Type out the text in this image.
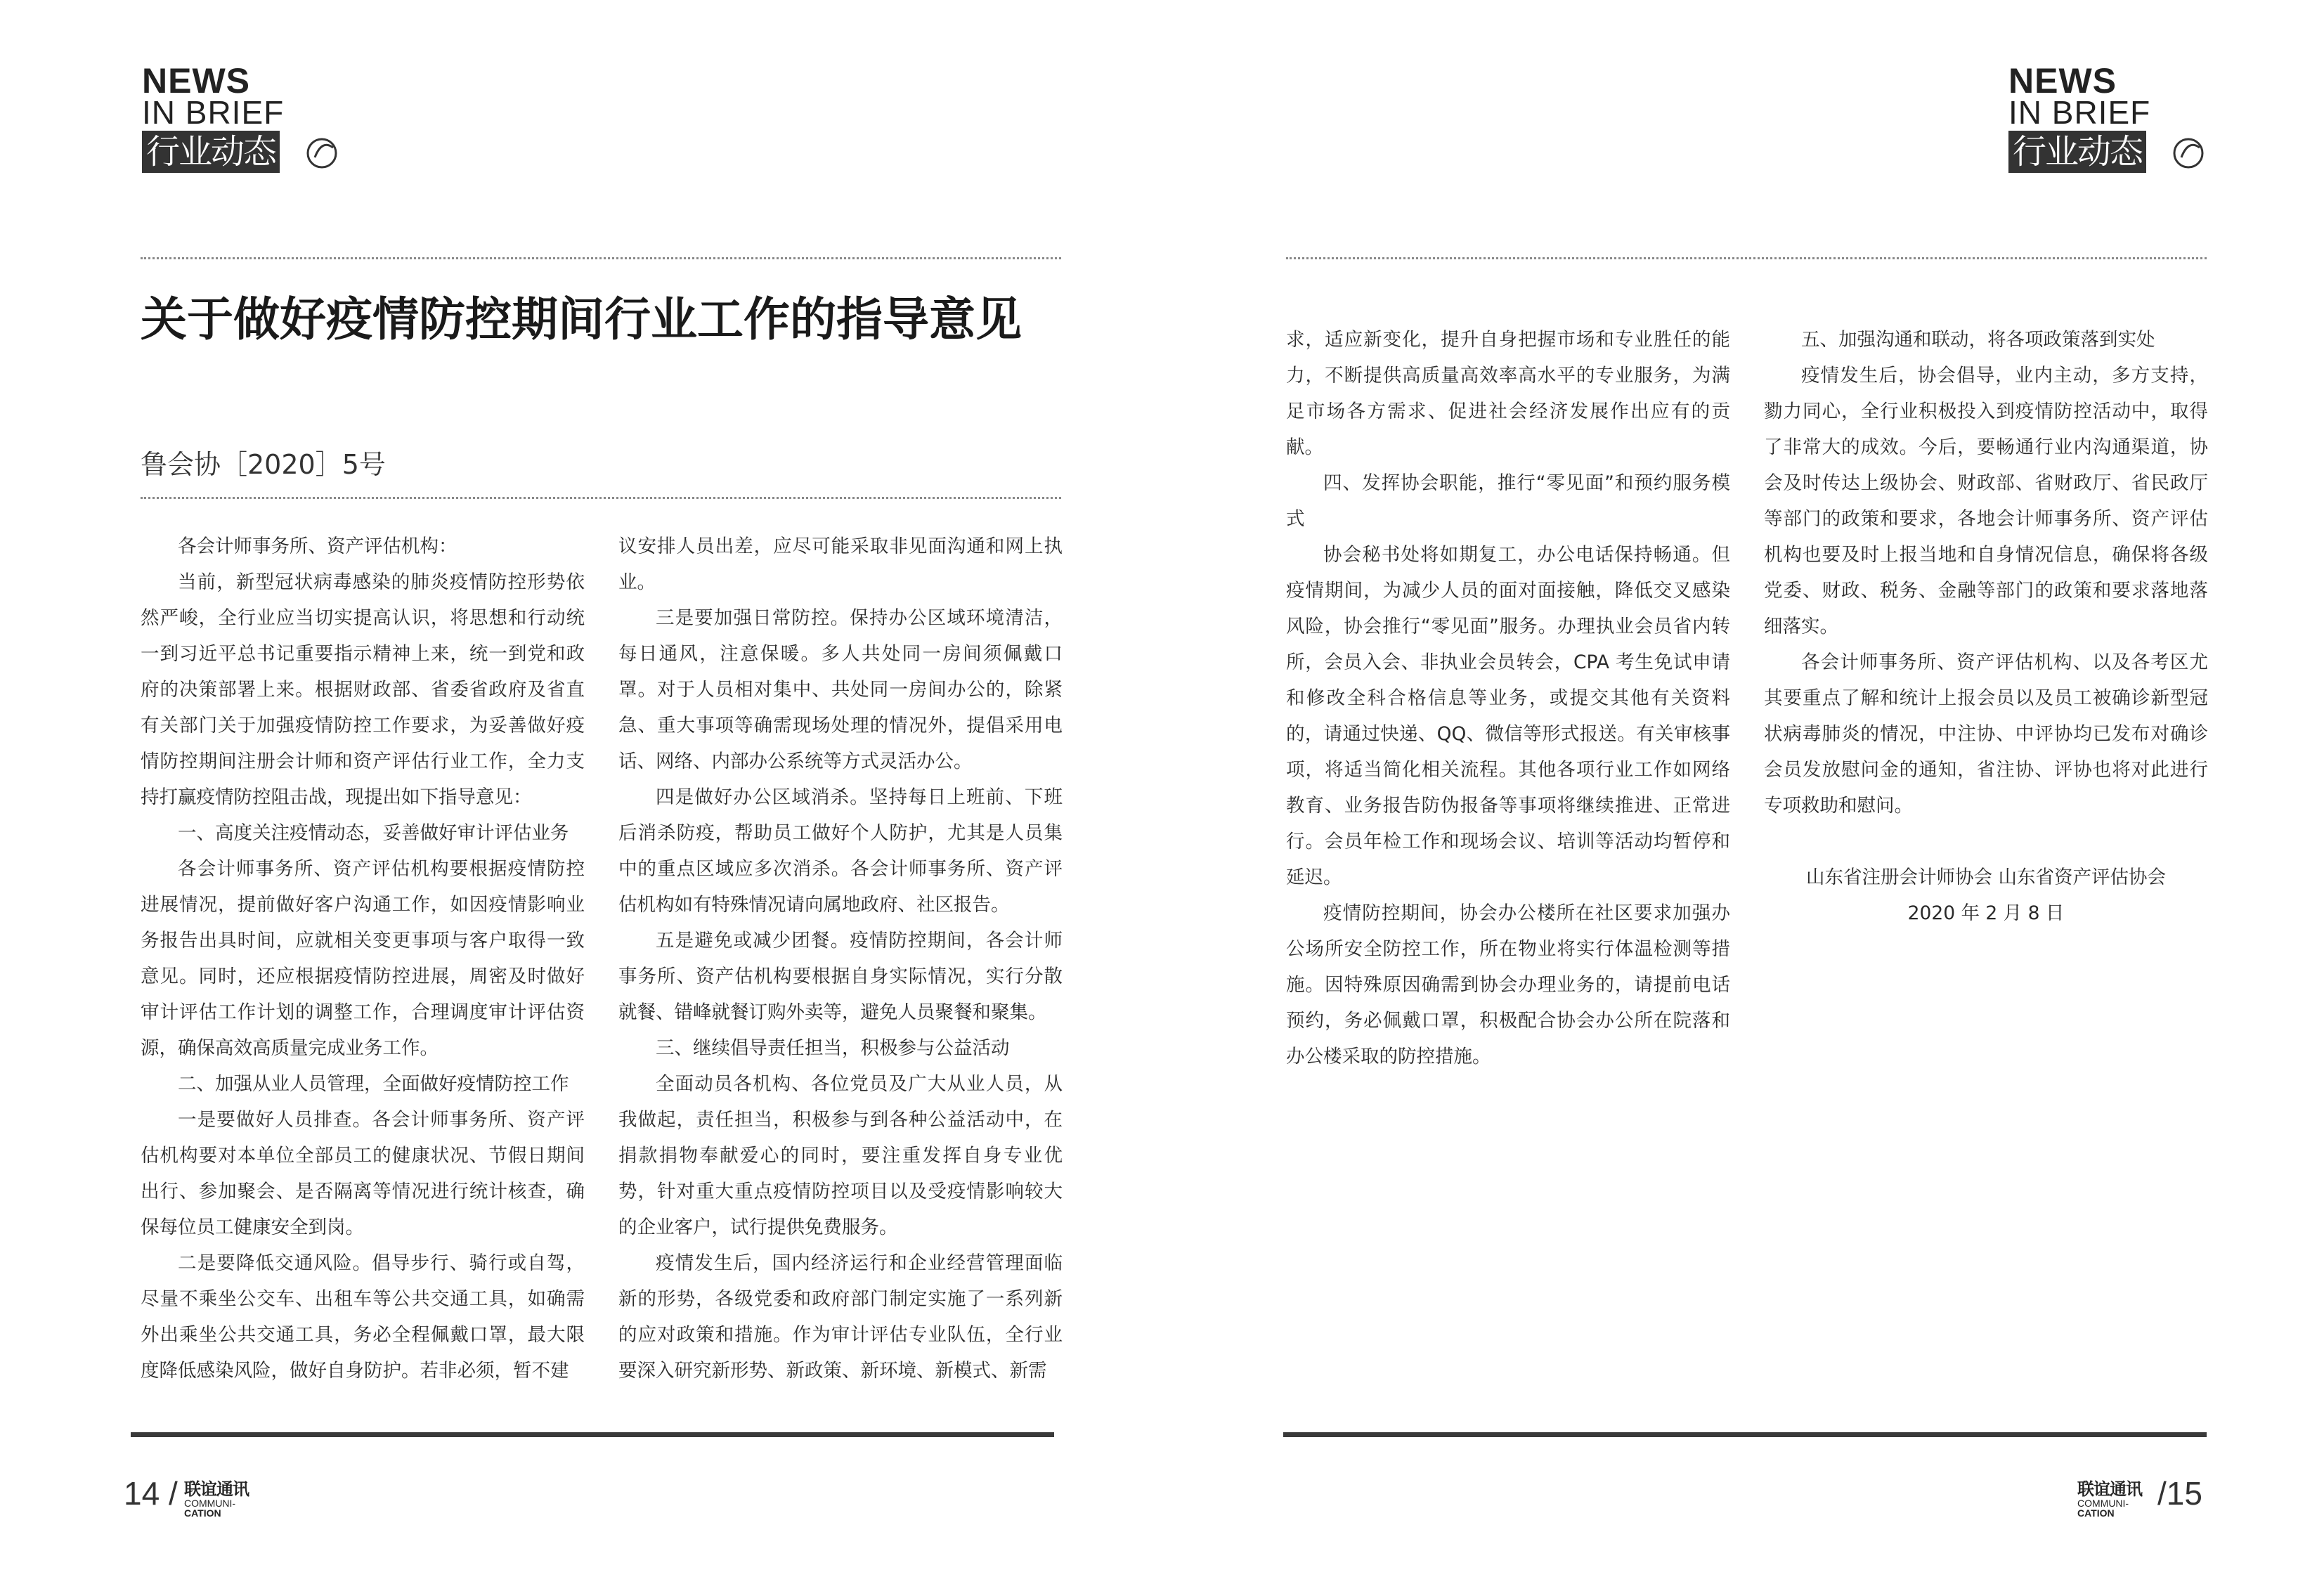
NEWS
IN BRIEF
行业动态
NEWS
IN BRIEF
行业动态
关于做好疫情防控期间行业工作的指导意见
鲁会协［2020］5号

各会计师事务所、资产评估机构：

当前，新型冠状病毒感染的肺炎疫情防控形势依然严峻，全行业应当切实提高认识，将思想和行动统一到习近平总书记重要指示精神上来，统一到党和政府的决策部署上来。根据财政部、省委省政府及省直有关部门关于加强疫情防控工作要求，为妥善做好疫情防控期间注册会计师和资产评估行业工作，全力支持打赢疫情防控阻击战，现提出如下指导意见：

一、高度关注疫情动态，妥善做好审计评估业务

各会计师事务所、资产评估机构要根据疫情防控进展情况，提前做好客户沟通工作，如因疫情影响业务报告出具时间，应就相关变更事项与客户取得一致意见。同时，还应根据疫情防控进展，周密及时做好审计评估工作计划的调整工作，合理调度审计评估资源，确保高效高质量完成业务工作。

二、加强从业人员管理，全面做好疫情防控工作

一是要做好人员排查。各会计师事务所、资产评估机构要对本单位全部员工的健康状况、节假日期间出行、参加聚会、是否隔离等情况进行统计核查，确保每位员工健康安全到岗。

二是要降低交通风险。倡导步行、骑行或自驾，尽量不乘坐公交车、出租车等公共交通工具，如确需外出乘坐公共交通工具，务必全程佩戴口罩，最大限度降低感染风险，做好自身防护。若非必须，暂不建

议安排人员出差，应尽可能采取非见面沟通和网上执业。

三是要加强日常防控。保持办公区域环境清洁，每日通风，注意保暖。多人共处同一房间须佩戴口罩。对于人员相对集中、共处同一房间办公的，除紧急、重大事项等确需现场处理的情况外，提倡采用电话、网络、内部办公系统等方式灵活办公。

四是做好办公区域消杀。坚持每日上班前、下班后消杀防疫，帮助员工做好个人防护，尤其是人员集中的重点区域应多次消杀。各会计师事务所、资产评估机构如有特殊情况请向属地政府、社区报告。

五是避免或减少团餐。疫情防控期间，各会计师事务所、资产估机构要根据自身实际情况，实行分散就餐、错峰就餐订购外卖等，避免人员聚餐和聚集。

三、继续倡导责任担当，积极参与公益活动

全面动员各机构、各位党员及广大从业人员，从我做起，责任担当，积极参与到各种公益活动中，在捐款捐物奉献爱心的同时，要注重发挥自身专业优势，针对重大重点疫情防控项目以及受疫情影响较大的企业客户，试行提供免费服务。

疫情发生后，国内经济运行和企业经营管理面临新的形势，各级党委和政府部门制定实施了一系列新的应对政策和措施。作为审计评估专业队伍，全行业要深入研究新形势、新政策、新环境、新模式、新需

求，适应新变化，提升自身把握市场和专业胜任的能力，不断提供高质量高效率高水平的专业服务，为满足市场各方需求、促进社会经济发展作出应有的贡献。

四、发挥协会职能，推行“零见面”和预约服务模式

协会秘书处将如期复工，办公电话保持畅通。但疫情期间，为减少人员的面对面接触，降低交叉感染风险，协会推行“零见面”服务。办理执业会员省内转所，会员入会、非执业会员转会，CPA 考生免试申请和修改全科合格信息等业务，或提交其他有关资料的，请通过快递、QQ、微信等形式报送。有关审核事项，将适当简化相关流程。其他各项行业工作如网络教育、业务报告防伪报备等事项将继续推进、正常进行。会员年检工作和现场会议、培训等活动均暂停和延迟。

疫情防控期间，协会办公楼所在社区要求加强办公场所安全防控工作，所在物业将实行体温检测等措施。因特殊原因确需到协会办理业务的，请提前电话预约，务必佩戴口罩，积极配合协会办公所在院落和办公楼采取的防控措施。

五、加强沟通和联动，将各项政策落到实处

疫情发生后，协会倡导，业内主动，多方支持，勠力同心，全行业积极投入到疫情防控活动中，取得了非常大的成效。今后，要畅通行业内沟通渠道，协会及时传达上级协会、财政部、省财政厅、省民政厅等部门的政策和要求，各地会计师事务所、资产评估机构也要及时上报当地和自身情况信息，确保将各级党委、财政、税务、金融等部门的政策和要求落地落细落实。

各会计师事务所、资产评估机构、以及各考区尤其要重点了解和统计上报会员以及员工被确诊新型冠状病毒肺炎的情况，中注协、中评协均已发布对确诊会员发放慰问金的通知，省注协、评协也将对此进行专项救助和慰问。

山东省注册会计师协会 山东省资产评估协会

2020 年 2 月 8 日

14 / 联谊通讯
COMMUNI-
CATION
联谊通讯
COMMUNI-
CATION
/15
